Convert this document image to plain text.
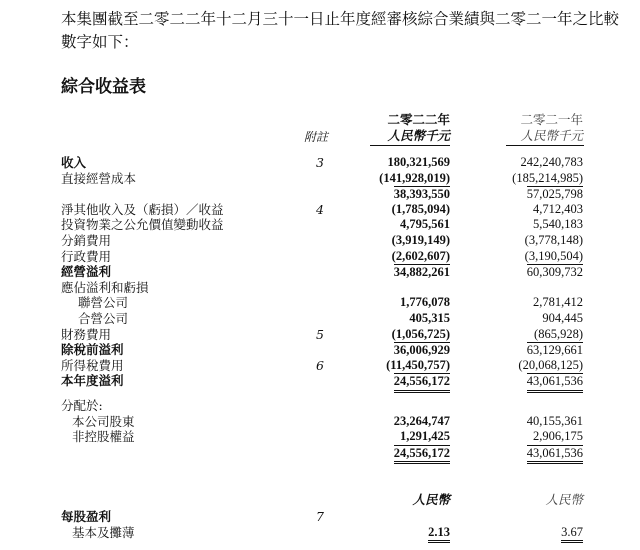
本集團截至二零二二年十二月三十一日止年度經審核綜合業績與二零二一年之比較數字如下：

綜合收益表
二零二二年	二零二一年
人民幣千元	人民幣千元
附註
收入	3	180,321,569	242,240,783
直接經營成本	(141,928,019)	(185,214,985)
38,393,550	57,025,798
淨其他收入及（虧損）／收益	4	(1,785,094)	4,712,403
投資物業之公允價值變動收益	4,795,561	5,540,183
分銷費用	(3,919,149)	(3,778,148)
行政費用	(2,602,607)	(3,190,504)
經營溢利	34,882,261	60,309,732
應佔溢利和虧損
聯營公司	1,776,078	2,781,412
合營公司	405,315	904,445
財務費用	5	(1,056,725)	(865,928)
除稅前溢利	36,006,929	63,129,661
所得稅費用	6	(11,450,757)	(20,068,125)
本年度溢利	24,556,172	43,061,536
分配於:
本公司股東	23,264,747	40,155,361
非控股權益	1,291,425	2,906,175
24,556,172	43,061,536
人民幣	人民幣
每股盈利	7
基本及攤薄	2.13	3.67
